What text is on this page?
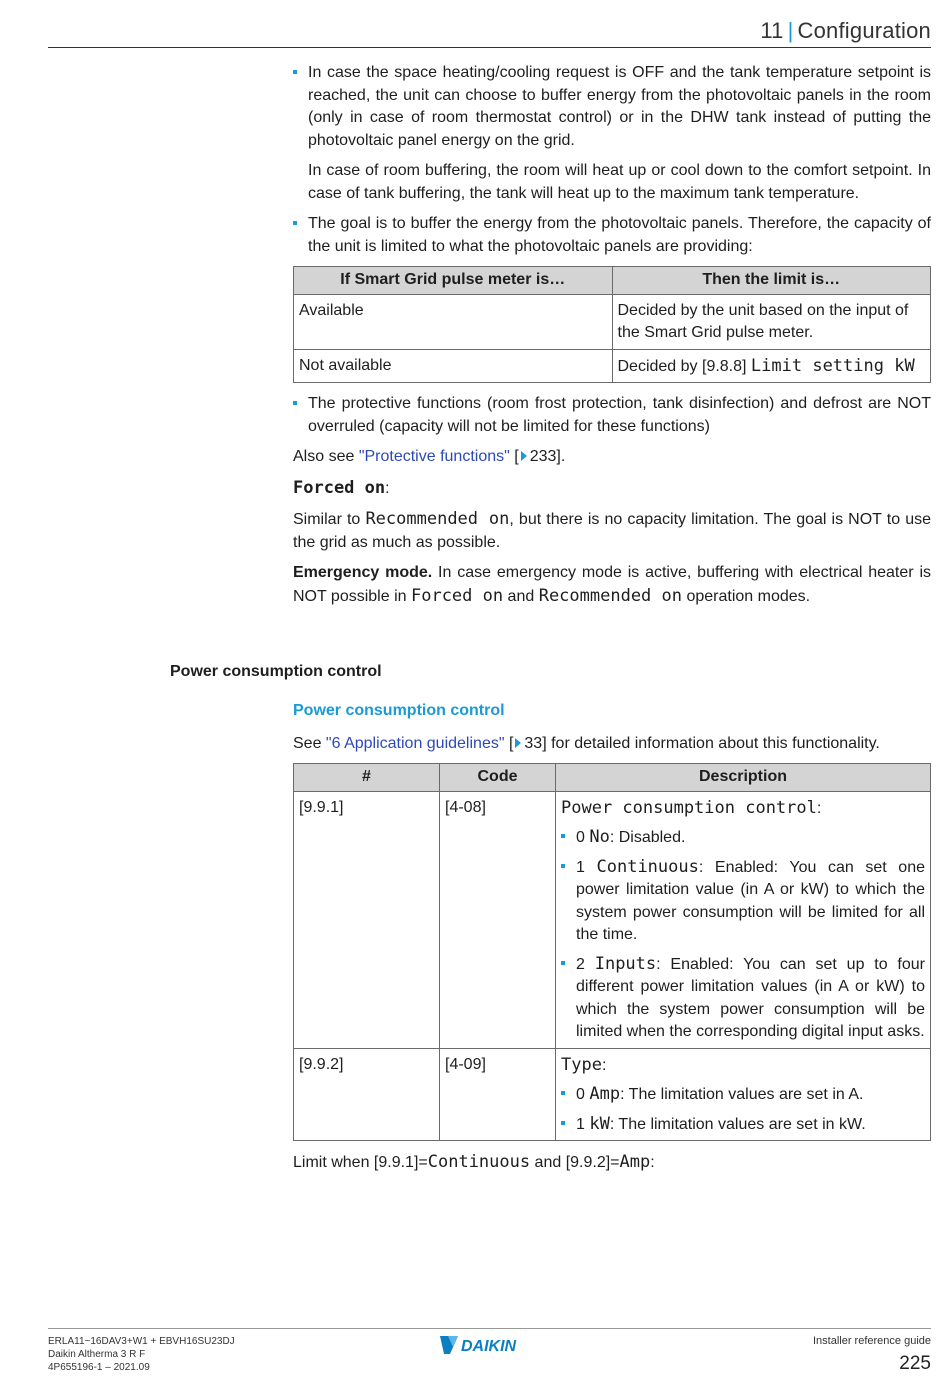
11 | Configuration
In case the space heating/cooling request is OFF and the tank temperature setpoint is reached, the unit can choose to buffer energy from the photovoltaic panels in the room (only in case of room thermostat control) or in the DHW tank instead of putting the photovoltaic panel energy on the grid.
In case of room buffering, the room will heat up or cool down to the comfort setpoint. In case of tank buffering, the tank will heat up to the maximum tank temperature.
The goal is to buffer the energy from the photovoltaic panels. Therefore, the capacity of the unit is limited to what the photovoltaic panels are providing:
If Smart Grid pulse meter is…	Then the limit is…
Available	Decided by the unit based on the input of the Smart Grid pulse meter.
Not available	Decided by [9.8.8] Limit setting kW
The protective functions (room frost protection, tank disinfection) and defrost are NOT overruled (capacity will not be limited for these functions)
Also see "Protective functions" [ 233].
Forced on:
Similar to Recommended on, but there is no capacity limitation. The goal is NOT to use the grid as much as possible.
Emergency mode. In case emergency mode is active, buffering with electrical heater is NOT possible in Forced on and Recommended on operation modes.
Power consumption control
Power consumption control
See "6 Application guidelines" [ 33] for detailed information about this functionality.
#	Code	Description
[9.9.1]	[4-08]	Power consumption control:
0 No: Disabled.
1 Continuous: Enabled: You can set one power limitation value (in A or kW) to which the system power consumption will be limited for all the time.
2 Inputs: Enabled: You can set up to four different power limitation values (in A or kW) to which the system power consumption will be limited when the corresponding digital input asks.

[9.9.2]	[4-09]	Type:
0 Amp: The limitation values are set in A.
1 kW: The limitation values are set in kW.
Limit when [9.9.1]=Continuous and [9.9.2]=Amp:
ERLA11~16DAV3+W1 + EBVH16SU23DJ
Daikin Altherma 3 R F
4P655196-1 – 2021.09
DAIKIN	Installer reference guide
225
